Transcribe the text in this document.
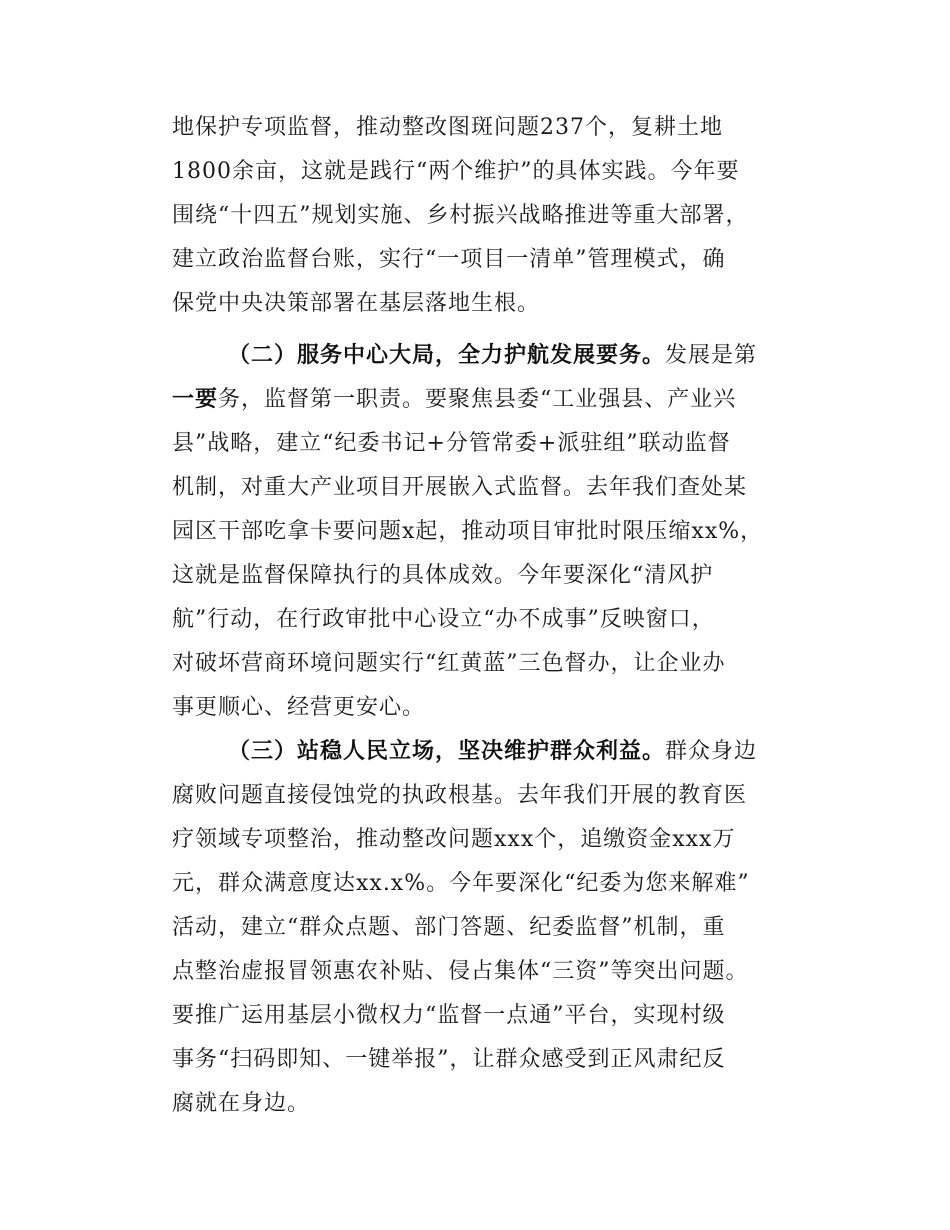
地保护专项监督，推动整改图斑问题237个，复耕土地
1800余亩，这就是践行“两个维护”的具体实践。今年要
围绕“十四五”规划实施、乡村振兴战略推进等重大部署，
建立政治监督台账，实行“一项目一清单”管理模式，确
保党中央决策部署在基层落地生根。
（二）服务中心大局，全力护航发展要务。发展是第
一要务，监督第一职责。要聚焦县委“工业强县、产业兴
县”战略，建立“纪委书记+分管常委+派驻组”联动监督
机制，对重大产业项目开展嵌入式监督。去年我们查处某
园区干部吃拿卡要问题x起，推动项目审批时限压缩xx%，
这就是监督保障执行的具体成效。今年要深化“清风护
航”行动，在行政审批中心设立“办不成事”反映窗口，
对破坏营商环境问题实行“红黄蓝”三色督办，让企业办
事更顺心、经营更安心。
（三）站稳人民立场，坚决维护群众利益。群众身边
腐败问题直接侵蚀党的执政根基。去年我们开展的教育医
疗领域专项整治，推动整改问题xxx个，追缴资金xxx万
元，群众满意度达xx.x%。今年要深化“纪委为您来解难”
活动，建立“群众点题、部门答题、纪委监督”机制，重
点整治虚报冒领惠农补贴、侵占集体“三资”等突出问题。
要推广运用基层小微权力“监督一点通”平台，实现村级
事务“扫码即知、一键举报”，让群众感受到正风肃纪反
腐就在身边。
